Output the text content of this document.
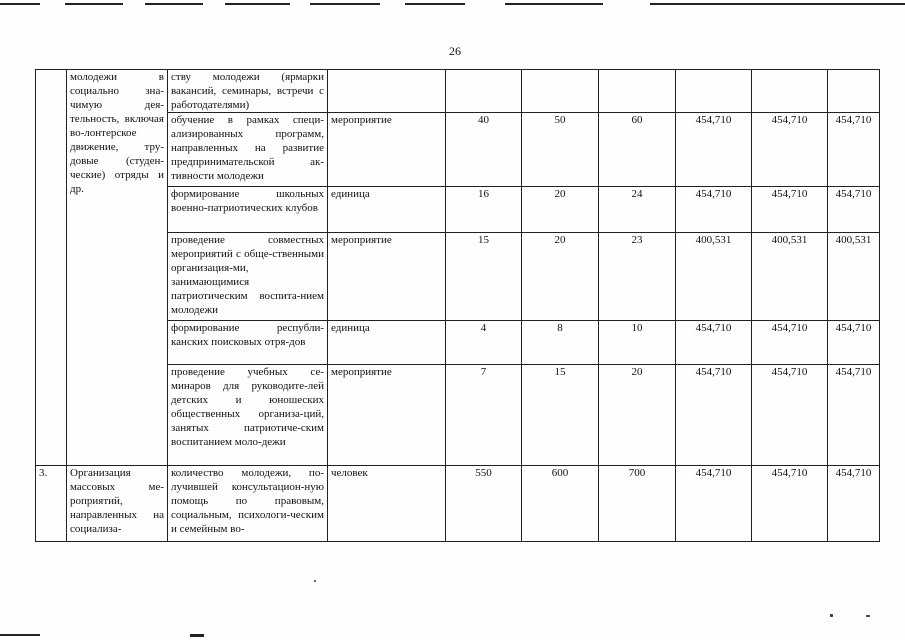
26
	молодежи в социально зна-чимую дея-тельность, включая во-лонтерское движение, тру-довые (студен-ческие) отряды и др.	ству молодежи (ярмарки вакансий, семинары, встречи с работодателями)							
		обучение в рамках специ-ализированных программ, направленных на развитие предпринимательской ак-тивности молодежи	мероприятие	40	50	60	454,710	454,710	454,710
		формирование школьных военно-патриотических клубов	единица	16	20	24	454,710	454,710	454,710
		проведение совместных мероприятий с обще-ственными организация-ми, занимающимися патриотическим воспита-нием молодежи	мероприятие	15	20	23	400,531	400,531	400,531
		формирование республи-канских поисковых отря-дов	единица	4	8	10	454,710	454,710	454,710
		проведение учебных се-минаров для руководите-лей детских и юношеских общественных организа-ций, занятых патриотиче-ским воспитанием моло-дежи	мероприятие	7	15	20	454,710	454,710	454,710
3.	Организация массовых ме-роприятий, направленных на социализа-	количество молодежи, по-лучившей консультацион-ную помощь по правовым, социальным, психологи-ческим и семейным во-	человек	550	600	700	454,710	454,710	454,710
